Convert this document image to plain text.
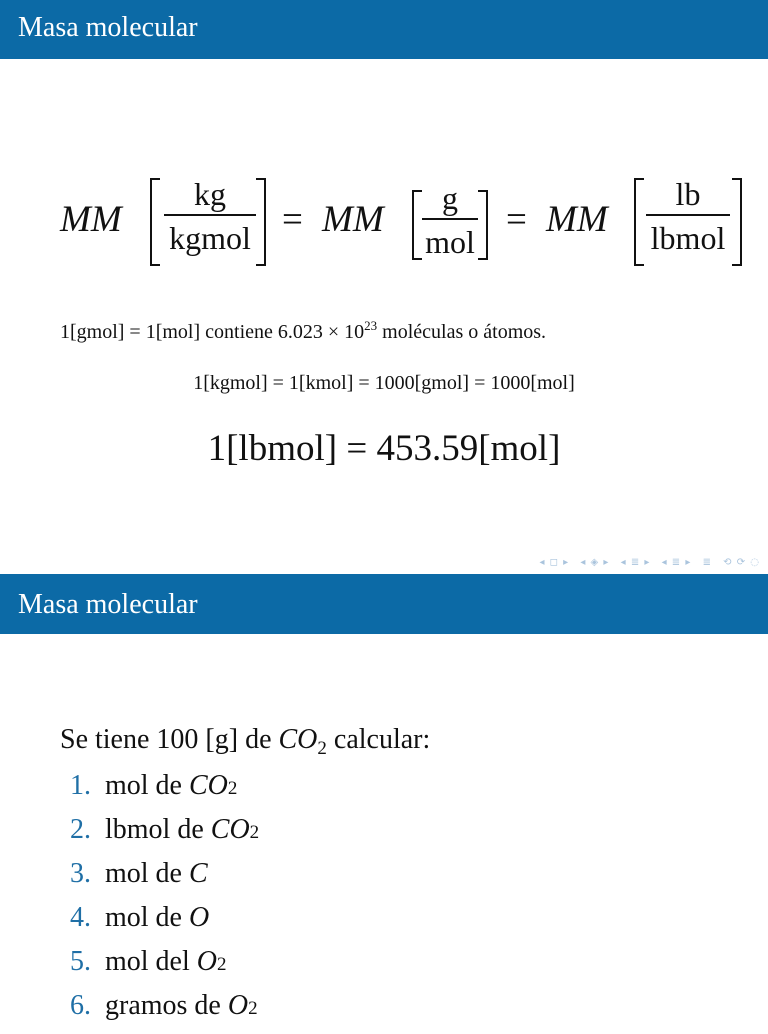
Masa molecular
MM
kg
kgmol = MM
g
mol
= MM
lb
lbmol
1[gmol] = 1[mol] contiene $6.023 \times 10^{23}$ moléculas o átomos.
1[kgmol] = 1[kmol] = 1000[gmol] = 1000[mol]
1[lbmol] = 453.59[mol]
◂ ◻ ▸ ◂ ◈ ▸ ◂ ≣ ▸ ◂ ≣ ▸ ≣ ⟲ ⟳ ◌
Masa molecular
Se tiene 100 [g] de $CO_2$ calcular:
1. mol de
CO 2
2. lbmol de
CO 2
3. mol de
C
4. mol de
O
5. mol del
O 2
6. gramos de
O 2
